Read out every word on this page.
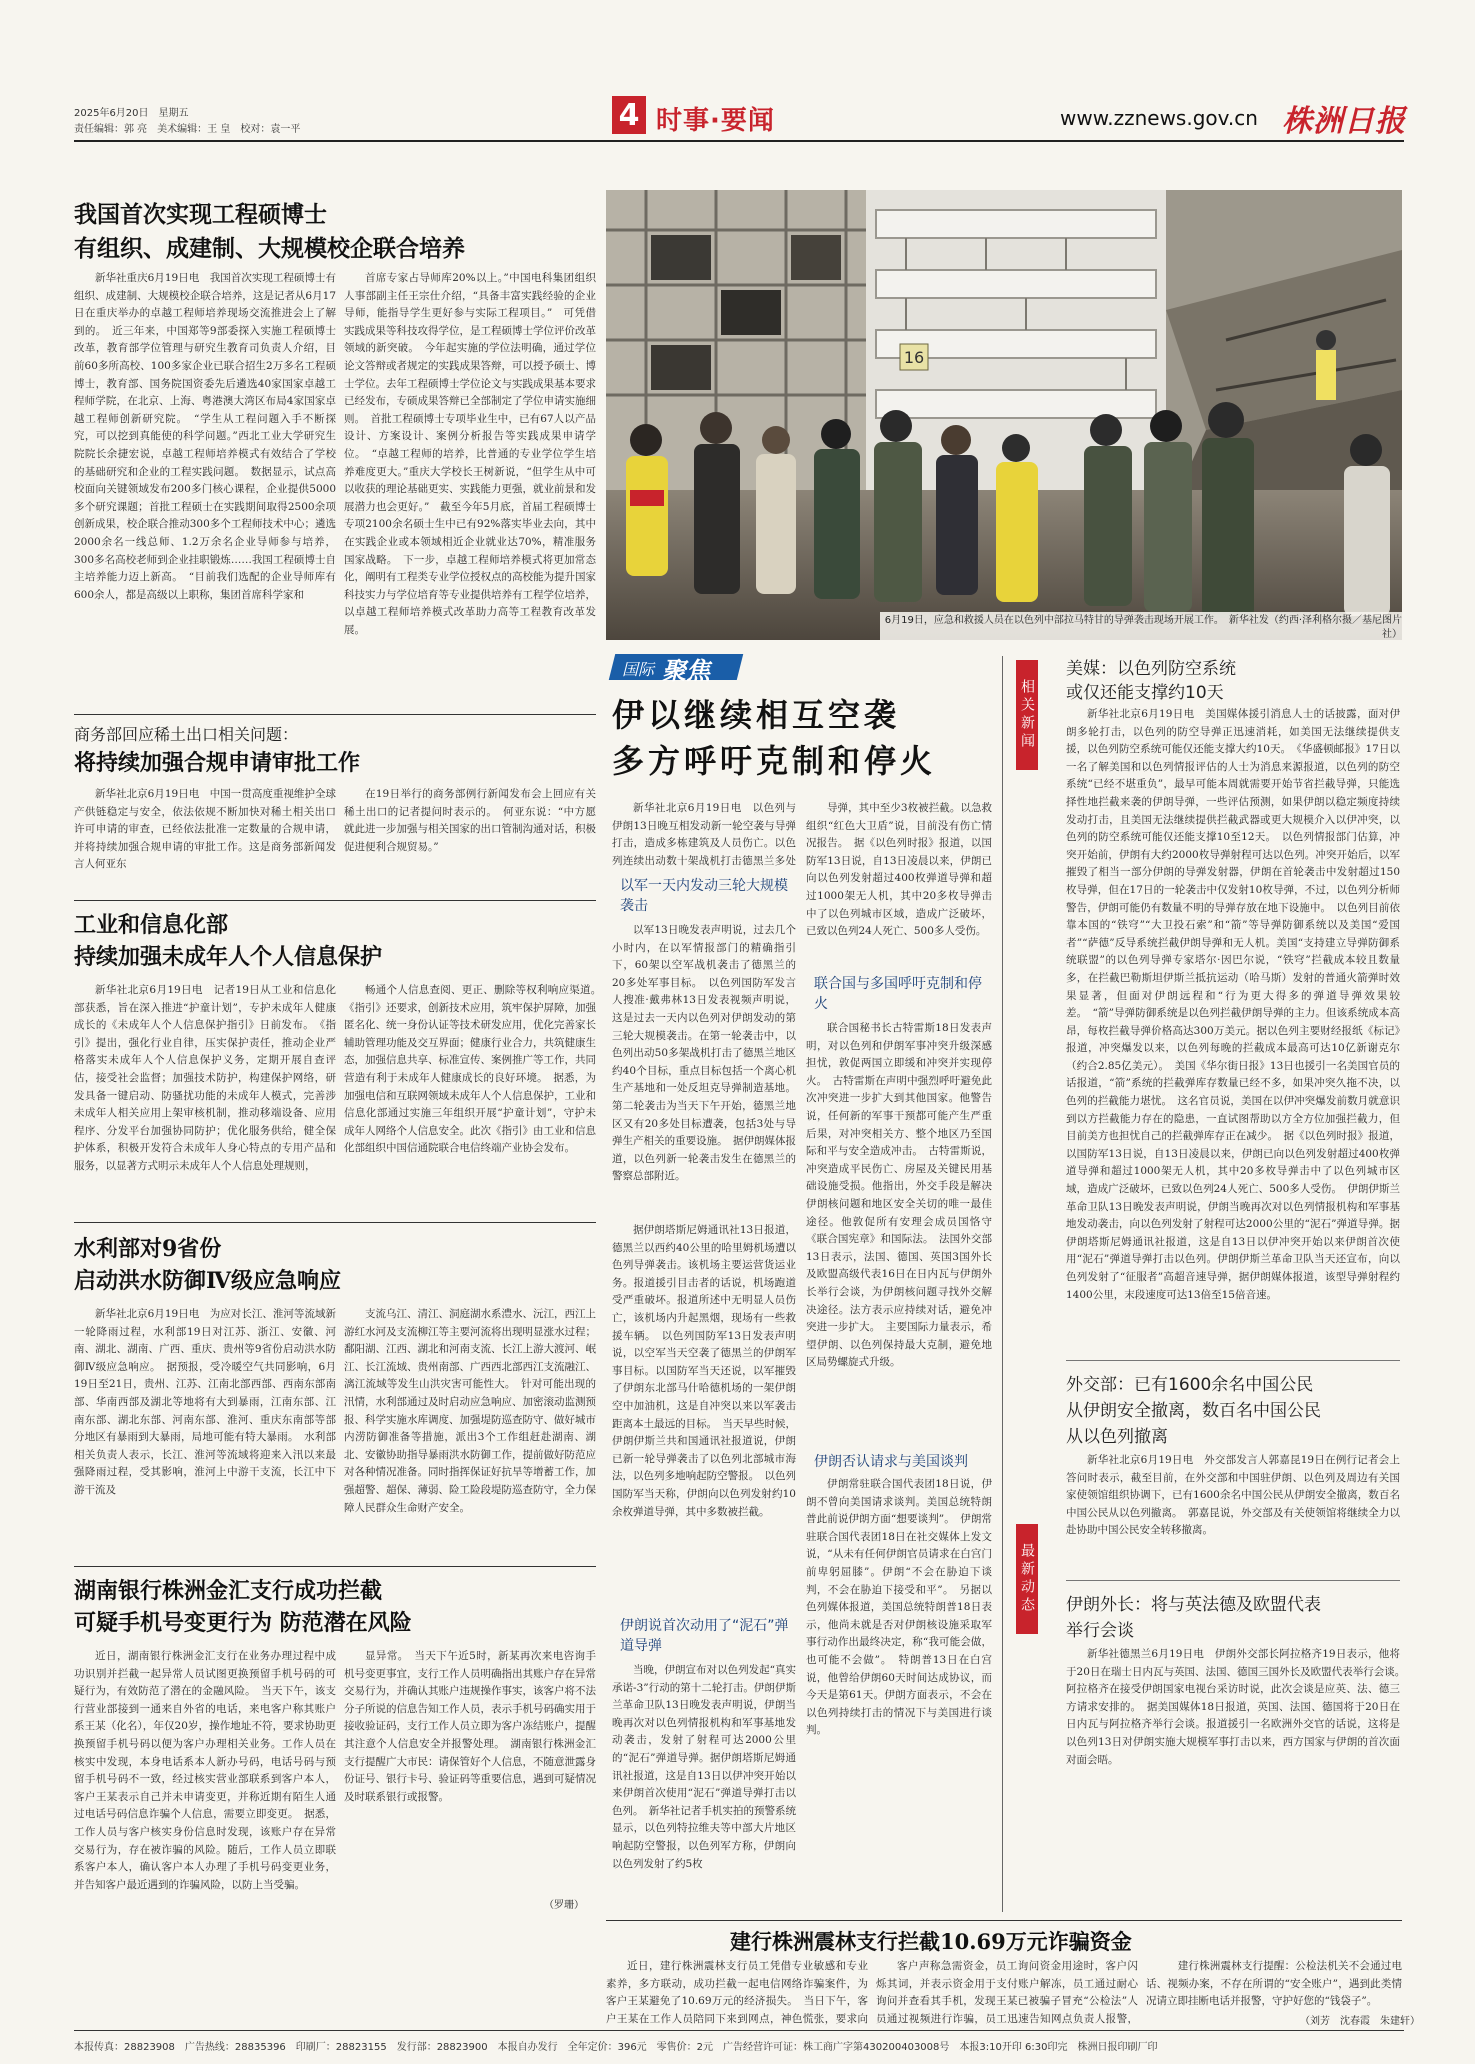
2025年6月20日　星期五
责任编辑：郭 亮　美术编辑：王 皇　校对：袁一平	4 时事·要闻	www.zznews.gov.cn 株洲日报
我国首次实现工程硕博士
有组织、成建制、大规模校企联合培养
新华社重庆6月19日电　我国首次实现工程硕博士有组织、成建制、大规模校企联合培养，这是记者从6月17日在重庆举办的卓越工程师培养现场交流推进会上了解到的。　近三年来，中国郑等9部委探入实施工程硕博士改革，教育部学位管理与研究生教育司负责人介绍，目前60多所高校、100多家企业已联合招生2万多名工程硕博士，教育部、国务院国资委先后遴选40家国家卓越工程师学院，在北京、上海、粤港澳大湾区布局4家国家卓越工程师创新研究院。　“学生从工程问题入手不断探究，可以挖到真能使的科学问题。”西北工业大学研究生院院长余捷宏说，卓越工程师培养模式有效结合了学校的基础研究和企业的工程实践问题。　数据显示，试点高校面向关键领域发布200多门核心课程，企业提供5000多个研究课题；首批工程硕士在实践期间取得2500余项创新成果，校企联合推动300多个工程师技术中心；遴选2000余名一线总师、1.2万余名企业导师参与培养，300多名高校老师到企业挂职锻炼……我国工程硕博士自主培养能力迈上新高。　“目前我们选配的企业导师库有600余人，都是高级以上职称，集团首席科学家和
首席专家占导师库20%以上。”中国电科集团组织人事部副主任王宗仕介绍，“具备丰富实践经验的企业导师，能指导学生更好参与实际工程项目。”　可凭借实践成果等科技攻得学位，是工程硕博士学位评价改革领域的新突破。　今年起实施的学位法明确，通过学位论文答辩或者规定的实践成果答辩，可以授予硕士、博士学位。去年工程硕博士学位论文与实践成果基本要求已经发布，专硕成果答辩已全部制定了学位申请实施细则。　首批工程硕博士专项毕业生中，已有67人以产品设计、方案设计、案例分析报告等实践成果申请学位。　“卓越工程师的培养，比普通的专业学位学生培养难度更大。”重庆大学校长王树新说，“但学生从中可以收获的理论基础更实、实践能力更强，就业前景和发展潜力也会更好。”　截至今年5月底，首届工程硕博士专项2100余名硕士生中已有92%落实毕业去向，其中在实践企业或本领域相近企业就业达70%，精准服务国家战略。　下一步，卓越工程师培养模式将更加常态化，阐明有工程类专业学位授权点的高校能为提升国家科技实力与学位培育等专业提供培养有工程学位培养，以卓越工程师培养模式改革助力高等工程教育改革发展。
商务部回应稀土出口相关问题：
将持续加强合规申请审批工作
新华社北京6月19日电　中国一贯高度重视维护全球产供链稳定与安全，依法依规不断加快对稀土相关出口许可申请的审查，已经依法批准一定数量的合规申请，并将持续加强合规申请的审批工作。这是商务部新闻发言人何亚东
在19日举行的商务部例行新闻发布会上回应有关稀土出口的记者提问时表示的。　何亚东说：“中方愿就此进一步加强与相关国家的出口管制沟通对话，积极促进便利合规贸易。”
工业和信息化部
持续加强未成年人个人信息保护
新华社北京6月19日电　记者19日从工业和信息化部获悉，旨在深入推进“护童计划”，专护未成年人健康成长的《未成年人个人信息保护指引》日前发布。　《指引》提出，强化行业自律，压实保护责任，推动企业严格落实未成年人个人信息保护义务，定期开展自查评估，接受社会监督；加强技术防护，构建保护网络，研发具备一键启动、防骚扰功能的未成年人模式，完善涉未成年人相关应用上架审核机制，推动移端设备、应用程序、分发平台加强协同防护；优化服务供给，健全保护体系，积极开发符合未成年人身心特点的专用产品和服务，以显著方式明示未成年人个人信息处理规则，
畅通个人信息查阅、更正、删除等权利响应渠道。　《指引》还要求，创新技术应用，筑牢保护屏障，加强匿名化、统一身份认证等技术研发应用，优化完善家长辅助管理功能及交互界面；健康行业合力，共筑健康生态，加强信息共享、标准宣传、案例推广等工作，共同营造有利于未成年人健康成长的良好环境。　据悉，为加强电信和互联网领域未成年人个人信息保护，工业和信息化部通过实施三年组织开展“护童计划”，守护未成年人网络个人信息安全。此次《指引》由工业和信息化部组织中国信通院联合电信终端产业协会发布。
水利部对9省份
启动洪水防御Ⅳ级应急响应
新华社北京6月19日电　为应对长江、淮河等流域新一轮降雨过程，水利部19日对江苏、浙江、安徽、河南、湖北、湖南、广西、重庆、贵州等9省份启动洪水防御Ⅳ级应急响应。　据预报，受冷暖空气共同影响，6月19日至21日，贵州、江苏、江南北部西部、西南东部南部、华南西部及湖北等地将有大到暴雨，江南东部、江南东部、湖北东部、河南东部、淮河、重庆东南部等部分地区有暴雨到大暴雨，局地可能有特大暴雨。　水利部相关负责人表示，长江、淮河等流域将迎来入汛以来最强降雨过程，受其影响，淮河上中游干支流，长江中下游干流及
支流乌江、清江、洞庭湖水系澧水、沅江，西江上游红水河及支流柳江等主要河流将出现明显涨水过程；鄱阳湖、江西、湖北和河南支流、长江上游大渡河、岷江、长江流域、贵州南部、广西西北部西江支流融江、漓江流域等发生山洪灾害可能性大。　针对可能出现的汛情，水利部通过及时启动应急响应、加密滚动监测预报、科学实施水库调度、加强堤防巡查防守、做好城市内涝防御准备等措施，派出3个工作组赶赴湖南、湖北、安徽协助指导暴雨洪水防御工作，提前做好防范应对各种情况准备。同时指挥保证好抗旱等增蓄工作，加强超警、超保、薄弱、险工险段堤防巡查防守，全力保障人民群众生命财产安全。
湖南银行株洲金汇支行成功拦截
可疑手机号变更行为 防范潜在风险
近日，湖南银行株洲金汇支行在业务办理过程中成功识别并拦截一起异常人员试图更换预留手机号码的可疑行为，有效防范了潜在的金融风险。　当天下午，该支行营业部接到一通来自外省的电话，来电客户称其账户系王某（化名），年仅20岁，操作地址不符，要求协助更换预留手机号码以便为客户办理相关业务。工作人员在核实中发现，本身电话系本人新办号码，电话号码与预留手机号码不一致，经过核实营业部联系到客户本人，客户王某表示自己并未申请变更，并称近期有陌生人通过电话号码信息诈骗个人信息，需要立即变更。　据悉，工作人员与客户核实身份信息时发现，该账户存在异常交易行为，存在被诈骗的风险。随后，工作人员立即联系客户本人，确认客户本人办理了手机号码变更业务，并告知客户最近遇到的诈骗风险，以防上当受骗。
显异常。　当天下午近5时，新某再次来电咨询手机号变更事宜，支行工作人员明确指出其账户存在异常交易行为，并确认其账户违规操作事实，该客户将不法分子所说的信息告知工作人员，表示手机号码确实用于接收验证码，支行工作人员立即为客户冻结账户，提醒其注意个人信息安全并报警处理。　湖南银行株洲金汇支行提醒广大市民：请保管好个人信息，不随意泄露身份证号、银行卡号、验证码等重要信息，遇到可疑情况及时联系银行或报警。
（罗珊）
16
6月19日，应急和救援人员在以色列中部拉马特甘的导弹袭击现场开展工作。　新华社发（约西·泽利格尔摄／基尼图片社）
国际 聚焦
伊以继续相互空袭
多方呼吁克制和停火
新华社北京6月19日电　以色列与伊朗13日晚互相发动新一轮空袭与导弹打击，造成多栋建筑及人员伤亡。以色列连续出动数十架战机打击德黑兰多处
以军一天内发动三轮大规模袭击
以军13日晚发表声明说，过去几个小时内，在以军情报部门的精确指引下，60架以空军战机袭击了德黑兰的20多处军事目标。　以色列国防军发言人搜准·戴弗林13日发表视频声明说，这是过去一天内以色列对伊朗发动的第三轮大规模袭击。在第一轮袭击中，以色列出动50多架战机打击了德黑兰地区约40个目标，重点目标包括一个离心机生产基地和一处反坦克导弹制造基地。第二轮袭击为当天下午开始，德黑兰地区又有20多处目标遭袭，包括3处与导弹生产相关的重要设施。　据伊朗媒体报道，以色列新一轮袭击发生在德黑兰的警察总部附近。
据伊朗塔斯尼姆通讯社13日报道，德黑兰以西约40公里的哈里姆机场遭以色列导弹袭击。该机场主要运营货运业务。报道援引目击者的话说，机场跑道受严重破坏。报道所述中无明显人员伤亡，该机场内升起黑烟，现场有一些救援车辆。　以色列国防军13日发表声明说，以空军当天空袭了德黑兰的伊朗军事目标。以国防军当天还说，以军摧毁了伊朗东北部马什哈德机场的一架伊朗空中加油机，这是自冲突以来以军袭击距离本土最远的目标。　当天早些时候，伊朗伊斯兰共和国通讯社报道说，伊朗已新一轮导弹袭击了以色列北部城市海法，以色列多地响起防空警报。　以色列国防军当天称，伊朗向以色列发射约10余枚弹道导弹，其中多数被拦截。
伊朗说首次动用了“泥石”弹道导弹
当晚，伊朗宣布对以色列发起“真实承诺-3”行动的第十二轮打击。伊朗伊斯兰革命卫队13日晚发表声明说，伊朗当晚再次对以色列情报机构和军事基地发动袭击，发射了射程可达2000公里的“泥石”弹道导弹。据伊朗塔斯尼姆通讯社报道，这是自13日以伊冲突开始以来伊朗首次使用“泥石”弹道导弹打击以色列。　新华社记者手机实拍的预警系统显示，以色列特拉维夫等中部大片地区响起防空警报，以色列军方称，伊朗向以色列发射了约5枚
导弹，其中至少3枚被拦截。以急救组织“红色大卫盾”说，目前没有伤亡情况报告。　据《以色列时报》报道，以国防军13日说，自13日凌晨以来，伊朗已向以色列发射超过400枚弹道导弹和超过1000架无人机，其中20多枚导弹击中了以色列城市区域，造成广泛破坏，已致以色列24人死亡、500多人受伤。
联合国与多国呼吁克制和停火
联合国秘书长古特雷斯18日发表声明，对以色列和伊朗军事冲突升级深感担忧，敦促两国立即缓和冲突并实现停火。　古特雷斯在声明中强烈呼吁避免此次冲突进一步扩大到其他国家。他警告说，任何新的军事干预都可能产生严重后果，对冲突相关方、整个地区乃至国际和平与安全造成冲击。　古特雷斯说，冲突造成平民伤亡、房屋及关键民用基础设施受损。他指出，外交手段是解决伊朗核问题和地区安全关切的唯一最佳途径。他敦促所有安理会成员国恪守《联合国宪章》和国际法。　法国外交部13日表示，法国、德国、英国3国外长及欧盟高级代表16日在日内瓦与伊朗外长举行会谈，为伊朗核问题寻找外交解决途径。法方表示应持续对话，避免冲突进一步扩大。　主要国际力量表示，希望伊朗、以色列保持最大克制，避免地区局势螺旋式升级。
伊朗否认请求与美国谈判
伊朗常驻联合国代表团18日说，伊朗不曾向美国请求谈判。美国总统特朗普此前说伊朗方面“想要谈判”。　伊朗常驻联合国代表团18日在社交媒体上发文说，“从未有任何伊朗官员请求在白宫门前卑躬屈膝”。伊朗“不会在胁迫下谈判，不会在胁迫下接受和平”。　另据以色列媒体报道，美国总统特朗普18日表示，他尚未就是否对伊朗核设施采取军事行动作出最终决定，称“我可能会做，也可能不会做”。　特朗普13日在白宫说，他曾给伊朗60天时间达成协议，而今天是第61天。伊朗方面表示，不会在以色列持续打击的情况下与美国进行谈判。
相关新闻
最新动态
美媒：以色列防空系统
或仅还能支撑约10天
新华社北京6月19日电　美国媒体援引消息人士的话披露，面对伊朗多轮打击，以色列的防空导弹正迅速消耗，如美国无法继续提供支援，以色列防空系统可能仅还能支撑大约10天。　《华盛顿邮报》17日以一名了解美国和以色列情报评估的人士为消息来源报道，以色列的防空系统“已经不堪重负”，最早可能本周就需要开始节省拦截导弹，只能选择性地拦截来袭的伊朗导弹，一些评估预测，如果伊朗以稳定频度持续发动打击，且美国无法继续提供拦截武器或更大规模介入以伊冲突，以色列的防空系统可能仅还能支撑10至12天。　以色列情报部门估算，冲突开始前，伊朗有大约2000枚导弹射程可达以色列。冲突开始后，以军摧毁了相当一部分伊朗的导弹发射器，伊朗在首轮袭击中发射超过150枚导弹，但在17日的一轮袭击中仅发射10枚导弹，不过，以色列分析师警告，伊朗可能仍有数量不明的导弹存放在地下设施中。　以色列目前依靠本国的“铁穹”“大卫投石索”和“箭”等导弹防御系统以及美国“爱国者”“萨德”反导系统拦截伊朗导弹和无人机。美国“支持建立导弹防御系统联盟”的以色列导弹专家塔尔·因巴尔说，“铁穹”拦截成本较且数量多，在拦截巴勒斯坦伊斯兰抵抗运动（哈马斯）发射的普通火箭弹时效果显著，但面对伊朗远程和“行为更大得多的弹道导弹效果较差。　“箭”导弹防御系统是以色列拦截伊朗导弹的主力。但该系统成本高昂，每枚拦截导弹价格高达300万美元。据以色列主要财经报纸《标记》报道，冲突爆发以来，以色列每晚的拦截成本最高可达10亿新谢克尔（约合2.85亿美元）。　美国《华尔街日报》13日也援引一名美国官员的话报道，“箭”系统的拦截弹库存数量已经不多，如果冲突久拖不决，以色列的拦截能力堪忧。　这名官员说，美国在以伊冲突爆发前数月就意识到以方拦截能力存在的隐患，一直试图帮助以方全方位加强拦截力，但目前美方也担忧自己的拦截弹库存正在减少。　据《以色列时报》报道，以国防军13日说，自13日凌晨以来，伊朗已向以色列发射超过400枚弹道导弹和超过1000架无人机，其中20多枚导弹击中了以色列城市区域，造成广泛破坏，已致以色列24人死亡、500多人受伤。　伊朗伊斯兰革命卫队13日晚发表声明说，伊朗当晚再次对以色列情报机构和军事基地发动袭击，向以色列发射了射程可达2000公里的“泥石”弹道导弹。据伊朗塔斯尼姆通讯社报道，这是自13日以伊冲突开始以来伊朗首次使用“泥石”弹道导弹打击以色列。伊朗伊斯兰革命卫队当天还宣布，向以色列发射了“征服者”高超音速导弹，据伊朗媒体报道，该型导弹射程约1400公里，末段速度可达13倍至15倍音速。
外交部：已有1600余名中国公民
从伊朗安全撤离，数百名中国公民
从以色列撤离
新华社北京6月19日电　外交部发言人郭嘉昆19日在例行记者会上答问时表示，截至目前，在外交部和中国驻伊朗、以色列及周边有关国家使领馆组织协调下，已有1600余名中国公民从伊朗安全撤离，数百名中国公民从以色列撤离。　郭嘉昆说，外交部及有关使领馆将继续全力以赴协助中国公民安全转移撤离。
伊朗外长：将与英法德及欧盟代表
举行会谈
新华社德黑兰6月19日电　伊朗外交部长阿拉格齐19日表示，他将于20日在瑞士日内瓦与英国、法国、德国三国外长及欧盟代表举行会谈。　阿拉格齐在接受伊朗国家电视台采访时说，此次会谈是应英、法、德三方请求安排的。　据美国媒体18日报道，英国、法国、德国将于20日在日内瓦与阿拉格齐举行会谈。报道援引一名欧洲外交官的话说，这将是以色列13日对伊朗实施大规模军事打击以来，西方国家与伊朗的首次面对面会晤。
建行株洲震林支行拦截10.69万元诈骗资金
近日，建行株洲震林支行员工凭借专业敏感和专业素养，多方联动，成功拦截一起电信网络诈骗案件，为客户王某避免了10.69万元的经济损失。　当日下午，客户王某在工作人员陪同下来到网点，神色慌张，要求向
客户声称急需资金，员工询问资金用途时，客户闪烁其词，并表示资金用于支付账户解冻，员工通过耐心询问并查看其手机，发现王某已被骗子冒充“公检法”人员通过视频进行诈骗，员工迅速告知网点负责人报警，　
　建行株洲震林支行提醒：公检法机关不会通过电话、视频办案，不存在所谓的“安全账户”，遇到此类情况请立即挂断电话并报警，守护好您的“钱袋子”。
（刘芳　沈春霞　朱建轩）
本报传真：28823908　广告热线：28835396　印刷厂：28823155　发行部：28823900　本报自办发行　全年定价：396元　零售价：2元　广告经营许可证：株工商广字第430200403008号　本报3:10开印 6:30印完　株洲日报印刷厂印
